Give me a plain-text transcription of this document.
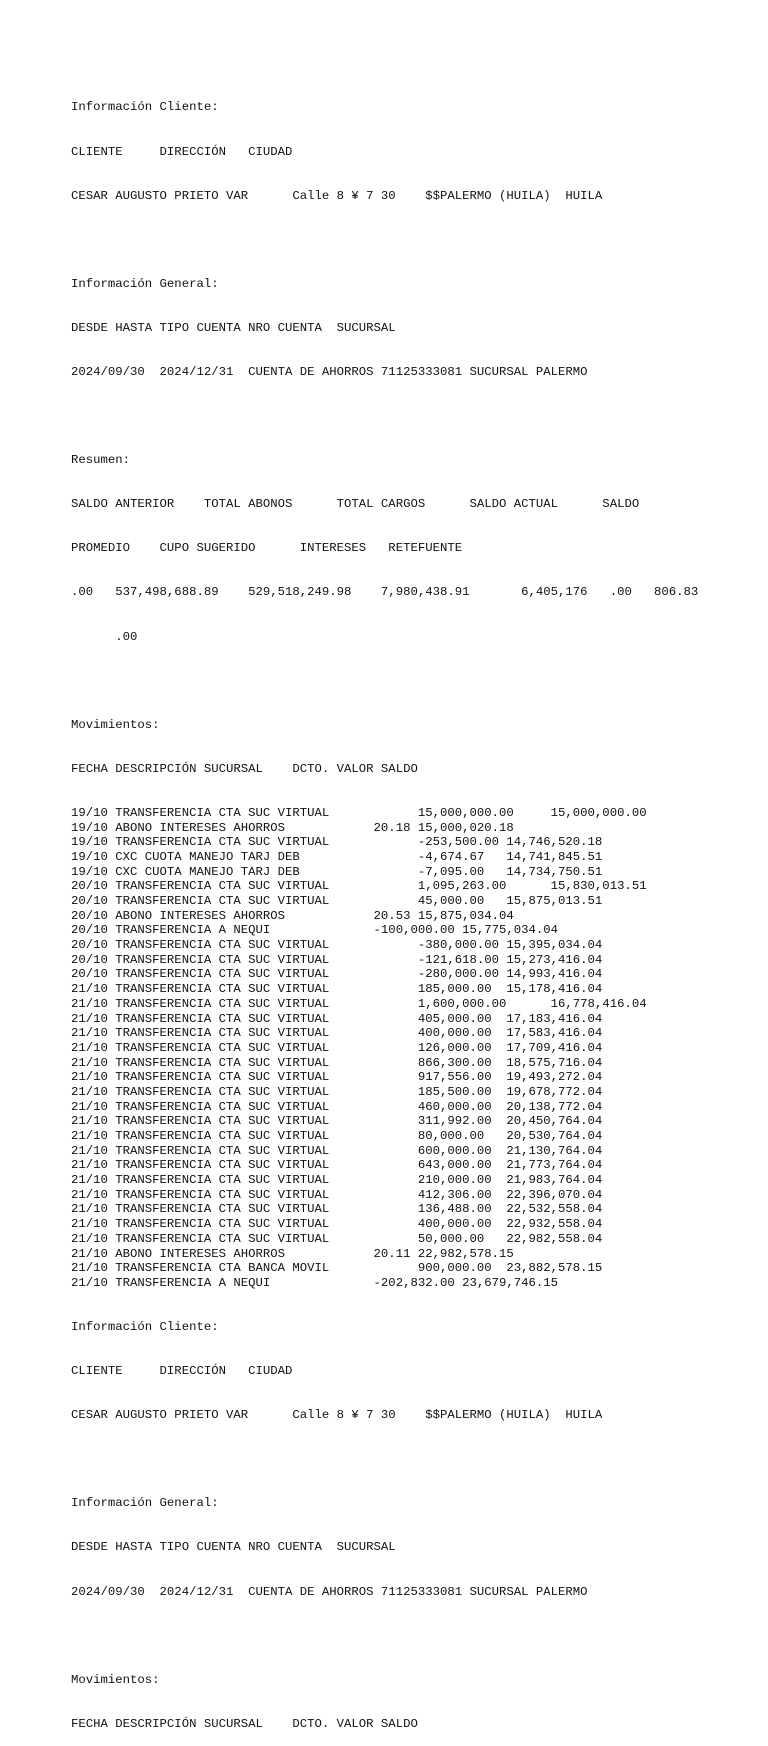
Información Cliente:

CLIENTE     DIRECCIÓN   CIUDAD

CESAR AUGUSTO PRIETO VAR      Calle 8 ¥ 7 30    $$PALERMO (HUILA)  HUILA

Información General:

DESDE HASTA TIPO CUENTA NRO CUENTA  SUCURSAL

2024/09/30  2024/12/31  CUENTA DE AHORROS 71125333081 SUCURSAL PALERMO

Resumen:

SALDO ANTERIOR    TOTAL ABONOS      TOTAL CARGOS      SALDO ACTUAL      SALDO

PROMEDIO    CUPO SUGERIDO      INTERESES   RETEFUENTE

.00   537,498,688.89    529,518,249.98    7,980,438.91       6,405,176   .00   806.83

.00

Movimientos:

FECHA DESCRIPCIÓN SUCURSAL    DCTO. VALOR SALDO

19/10 TRANSFERENCIA CTA SUC VIRTUAL            15,000,000.00     15,000,000.00
19/10 ABONO INTERESES AHORROS            20.18 15,000,020.18
19/10 TRANSFERENCIA CTA SUC VIRTUAL            -253,500.00 14,746,520.18
19/10 CXC CUOTA MANEJO TARJ DEB                -4,674.67   14,741,845.51
19/10 CXC CUOTA MANEJO TARJ DEB                -7,095.00   14,734,750.51
20/10 TRANSFERENCIA CTA SUC VIRTUAL            1,095,263.00      15,830,013.51
20/10 TRANSFERENCIA CTA SUC VIRTUAL            45,000.00   15,875,013.51
20/10 ABONO INTERESES AHORROS            20.53 15,875,034.04
20/10 TRANSFERENCIA A NEQUI              -100,000.00 15,775,034.04
20/10 TRANSFERENCIA CTA SUC VIRTUAL            -380,000.00 15,395,034.04
20/10 TRANSFERENCIA CTA SUC VIRTUAL            -121,618.00 15,273,416.04
20/10 TRANSFERENCIA CTA SUC VIRTUAL            -280,000.00 14,993,416.04
21/10 TRANSFERENCIA CTA SUC VIRTUAL            185,000.00  15,178,416.04
21/10 TRANSFERENCIA CTA SUC VIRTUAL            1,600,000.00      16,778,416.04
21/10 TRANSFERENCIA CTA SUC VIRTUAL            405,000.00  17,183,416.04
21/10 TRANSFERENCIA CTA SUC VIRTUAL            400,000.00  17,583,416.04
21/10 TRANSFERENCIA CTA SUC VIRTUAL            126,000.00  17,709,416.04
21/10 TRANSFERENCIA CTA SUC VIRTUAL            866,300.00  18,575,716.04
21/10 TRANSFERENCIA CTA SUC VIRTUAL            917,556.00  19,493,272.04
21/10 TRANSFERENCIA CTA SUC VIRTUAL            185,500.00  19,678,772.04
21/10 TRANSFERENCIA CTA SUC VIRTUAL            460,000.00  20,138,772.04
21/10 TRANSFERENCIA CTA SUC VIRTUAL            311,992.00  20,450,764.04
21/10 TRANSFERENCIA CTA SUC VIRTUAL            80,000.00   20,530,764.04
21/10 TRANSFERENCIA CTA SUC VIRTUAL            600,000.00  21,130,764.04
21/10 TRANSFERENCIA CTA SUC VIRTUAL            643,000.00  21,773,764.04
21/10 TRANSFERENCIA CTA SUC VIRTUAL            210,000.00  21,983,764.04
21/10 TRANSFERENCIA CTA SUC VIRTUAL            412,306.00  22,396,070.04
21/10 TRANSFERENCIA CTA SUC VIRTUAL            136,488.00  22,532,558.04
21/10 TRANSFERENCIA CTA SUC VIRTUAL            400,000.00  22,932,558.04
21/10 TRANSFERENCIA CTA SUC VIRTUAL            50,000.00   22,982,558.04
21/10 ABONO INTERESES AHORROS            20.11 22,982,578.15
21/10 TRANSFERENCIA CTA BANCA MOVIL            900,000.00  23,882,578.15
21/10 TRANSFERENCIA A NEQUI              -202,832.00 23,679,746.15

Información Cliente:

CLIENTE     DIRECCIÓN   CIUDAD

CESAR AUGUSTO PRIETO VAR      Calle 8 ¥ 7 30    $$PALERMO (HUILA)  HUILA

Información General:

DESDE HASTA TIPO CUENTA NRO CUENTA  SUCURSAL

2024/09/30  2024/12/31  CUENTA DE AHORROS 71125333081 SUCURSAL PALERMO

Movimientos:

FECHA DESCRIPCIÓN SUCURSAL    DCTO. VALOR SALDO
